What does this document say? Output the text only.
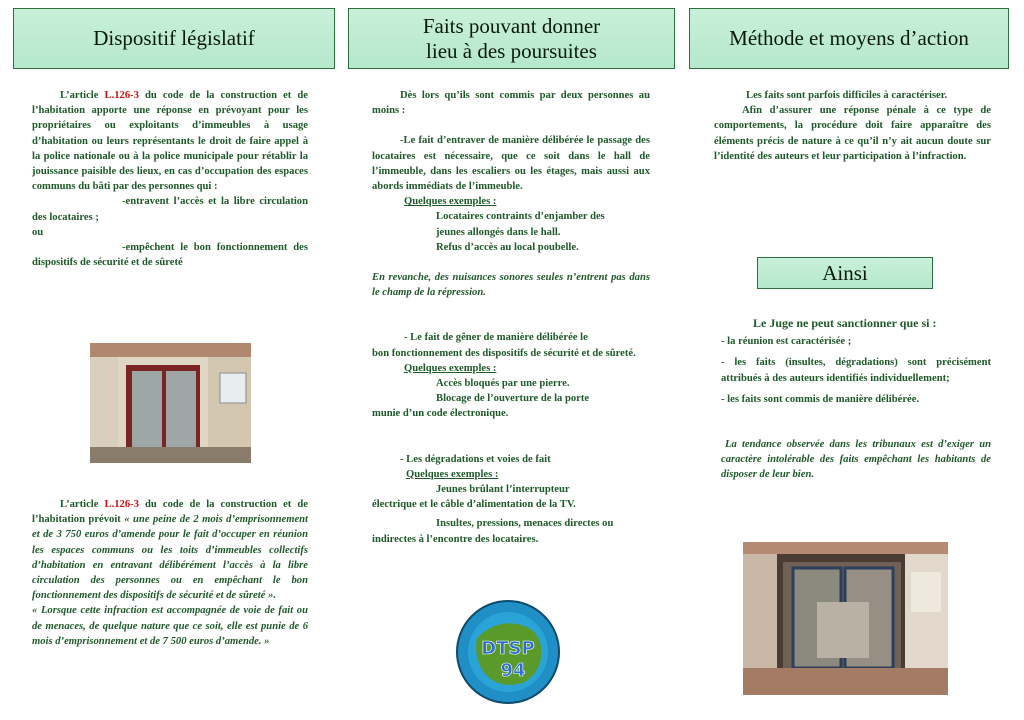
Dispositif législatif
Faits pouvant donner
lieu à des poursuites
Méthode et moyens d’action

L’article L.126-3 du code de la construction et de l’habitation apporte une réponse en prévoyant pour les propriétaires ou exploitants d’immeubles à usage d’habitation ou leurs représentants le droit de faire appel à la police nationale ou à la police municipale pour rétablir la jouissance paisible des lieux, en cas d’occupation des espaces communs du bâti par des personnes qui :

-entravent l’accès et la libre circulation des locataires ;

ou

-empêchent le bon fonctionnement des dispositifs de sécurité et de sûreté

L’article L.126-3 du code de la construction et de l’habitation prévoit « une peine de 2 mois d’emprisonnement et de 3 750 euros d’amende pour le fait d’occuper en réunion les espaces communs ou les toits d’immeubles collectifs d’habitation en entravant délibérément l’accès à la libre circulation des personnes ou en empêchant le bon fonctionnement des dispositifs de sécurité et de sûreté ».

« Lorsque cette infraction est accompagnée de voie de fait ou de menaces, de quelque nature que ce soit, elle est punie de 6 mois d’emprisonnement et de 7 500 euros d’amende. »

Dès lors qu’ils sont commis par deux personnes au moins :

-Le fait d’entraver de manière délibérée le passage des locataires est nécessaire, que ce soit dans le hall de l’immeuble, dans les escaliers ou les étages, mais aussi aux abords immédiats de l’immeuble.

Quelques exemples :

Locataires contraints d’enjamber des

jeunes allongés dans le hall.

Refus d’accès au local poubelle.

En revanche, des nuisances sonores seules n’entrent pas dans le champ de la répression.

- Le fait de gêner de manière délibérée le

bon fonctionnement des dispositifs de sécurité et de sûreté.

Quelques exemples :

Accès bloqués par une pierre.

Blocage de l’ouverture de la porte

munie d’un code électronique.

- Les dégradations et voies de fait

Quelques exemples :

Jeunes brûlant l’interrupteur

électrique et le câble d’alimentation de la TV.

Insultes, pressions, menaces directes ou indirectes à l’encontre des locataires.

DTSP
94

Les faits sont parfois difficiles à caractériser.

Afin d’assurer une réponse pénale à ce type de comportements, la procédure doit faire apparaître des éléments précis de nature à ce qu’il n’y ait aucun doute sur l’identité des auteurs et leur participation à l’infraction.

Ainsi

Le Juge ne peut sanctionner que si :

- la réunion est caractérisée ;

- les faits (insultes, dégradations) sont précisément attribués à des auteurs identifiés individuellement;

- les faits sont commis de manière délibérée.

La tendance observée dans les tribunaux est d’exiger un caractère intolérable des faits empêchant les habitants de disposer de leur bien.
